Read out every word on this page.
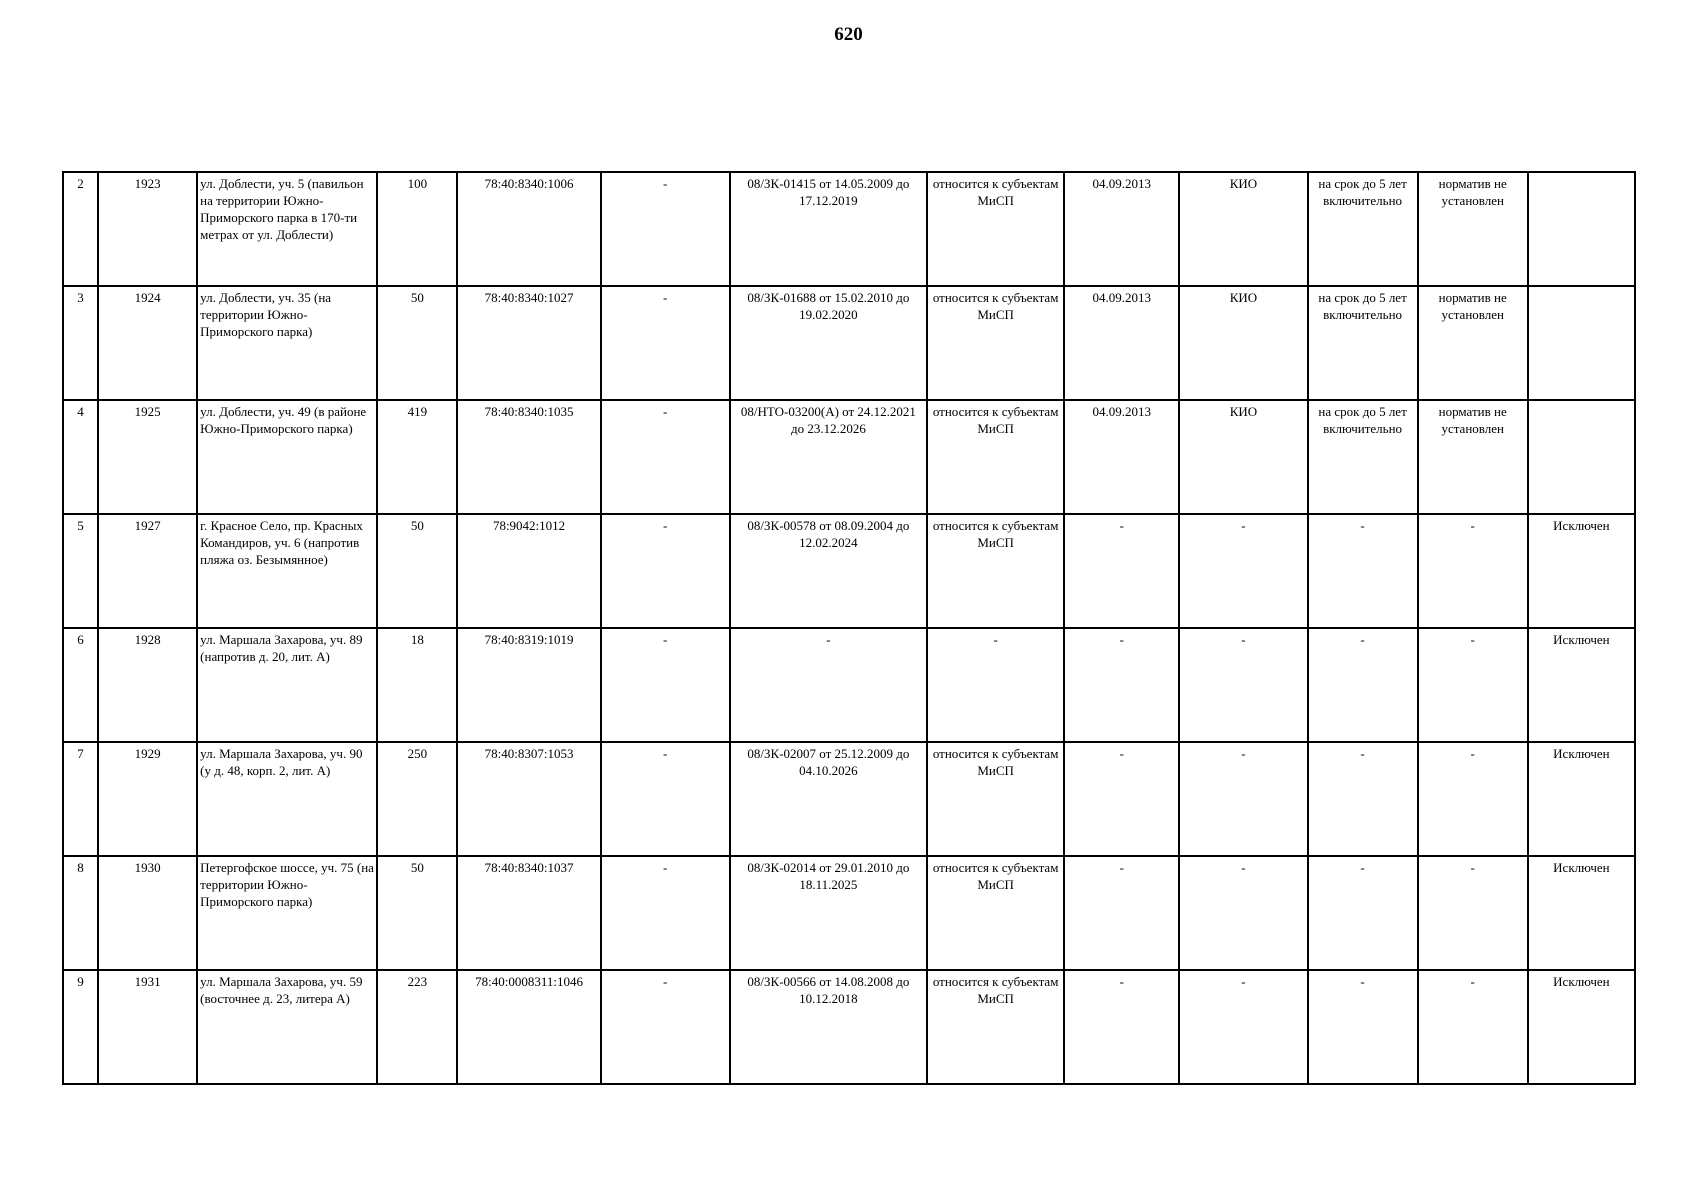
620
2	1923	ул. Доблести, уч. 5 (павильон на территории Южно-Приморского парка в 170-ти метрах от ул. Доблести)	100	78:40:8340:1006	-	08/ЗК-01415 от 14.05.2009 до 17.12.2019	относится к субъектам МиСП	04.09.2013	КИО	на срок до 5 лет включительно	норматив не установлен	
3	1924	ул. Доблести, уч. 35 (на территории Южно-Приморского парка)	50	78:40:8340:1027	-	08/ЗК-01688 от 15.02.2010 до 19.02.2020	относится к субъектам МиСП	04.09.2013	КИО	на срок до 5 лет включительно	норматив не установлен	
4	1925	ул. Доблести, уч. 49 (в районе Южно-Приморского парка)	419	78:40:8340:1035	-	08/НТО-03200(А) от 24.12.2021 до 23.12.2026	относится к субъектам МиСП	04.09.2013	КИО	на срок до 5 лет включительно	норматив не установлен	
5	1927	г. Красное Село, пр. Красных Командиров, уч. 6 (напротив пляжа оз. Безымянное)	50	78:9042:1012	-	08/ЗК-00578 от 08.09.2004 до 12.02.2024	относится к субъектам МиСП	-	-	-	-	Исключен
6	1928	ул. Маршала Захарова, уч. 89 (напротив д. 20, лит. А)	18	78:40:8319:1019	-	-	-	-	-	-	-	Исключен
7	1929	ул. Маршала Захарова, уч. 90 (у д. 48, корп. 2, лит. А)	250	78:40:8307:1053	-	08/ЗК-02007 от 25.12.2009 до 04.10.2026	относится к субъектам МиСП	-	-	-	-	Исключен
8	1930	Петергофское шоссе, уч. 75 (на территории Южно-Приморского парка)	50	78:40:8340:1037	-	08/ЗК-02014 от 29.01.2010 до 18.11.2025	относится к субъектам МиСП	-	-	-	-	Исключен
9	1931	ул. Маршала Захарова, уч. 59 (восточнее д. 23, литера А)	223	78:40:0008311:1046	-	08/ЗК-00566 от 14.08.2008 до 10.12.2018	относится к субъектам МиСП	-	-	-	-	Исключен
